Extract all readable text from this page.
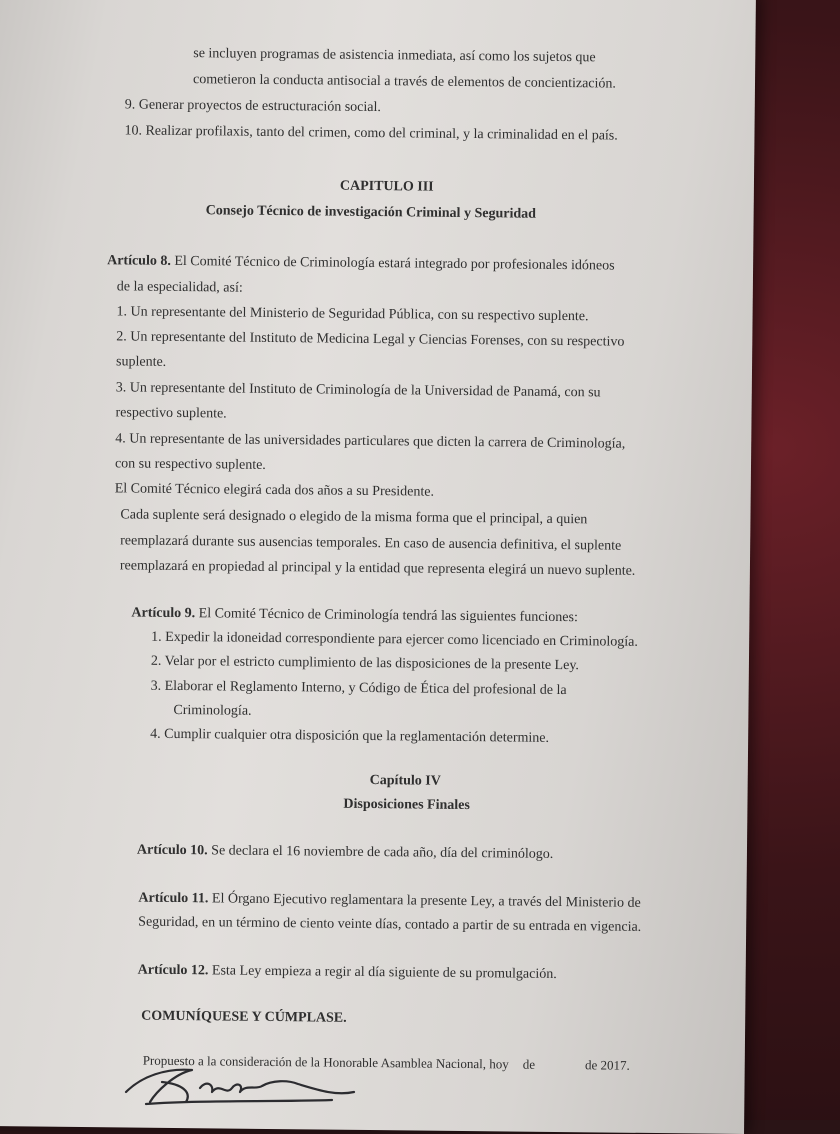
se incluyen programas de asistencia inmediata, así como los sujetos que
cometieron la conducta antisocial a través de elementos de concientización.
9. Generar proyectos de estructuración social.
10. Realizar profilaxis, tanto del crimen, como del criminal, y la criminalidad en el país.
CAPITULO III
Consejo Técnico de investigación Criminal y Seguridad
Artículo 8. El Comité Técnico de Criminología estará integrado por profesionales idóneos
de la especialidad, así:
1. Un representante del Ministerio de Seguridad Pública, con su respectivo suplente.
2. Un representante del Instituto de Medicina Legal y Ciencias Forenses, con su respectivo
suplente.
3. Un representante del Instituto de Criminología de la Universidad de Panamá, con su
respectivo suplente.
4. Un representante de las universidades particulares que dicten la carrera de Criminología,
con su respectivo suplente.
El Comité Técnico elegirá cada dos años a su Presidente.
Cada suplente será designado o elegido de la misma forma que el principal, a quien
reemplazará durante sus ausencias temporales. En caso de ausencia definitiva, el suplente
reemplazará en propiedad al principal y la entidad que representa elegirá un nuevo suplente.
Artículo 9. El Comité Técnico de Criminología tendrá las siguientes funciones:
1. Expedir la idoneidad correspondiente para ejercer como licenciado en Criminología.
2. Velar por el estricto cumplimiento de las disposiciones de la presente Ley.
3. Elaborar el Reglamento Interno, y Código de Ética del profesional de la
Criminología.
4. Cumplir cualquier otra disposición que la reglamentación determine.
Capítulo IV
Disposiciones Finales
Artículo 10. Se declara el 16 noviembre de cada año, día del criminólogo.
Artículo 11. El Órgano Ejecutivo reglamentara la presente Ley, a través del Ministerio de
Seguridad, en un término de ciento veinte días, contado a partir de su entrada en vigencia.
Artículo 12. Esta Ley empieza a regir al día siguiente de su promulgación.
COMUNÍQUESE Y CÚMPLASE.
Propuesto a la consideración de la Honorable Asamblea Nacional, hoy de	de 2017.
